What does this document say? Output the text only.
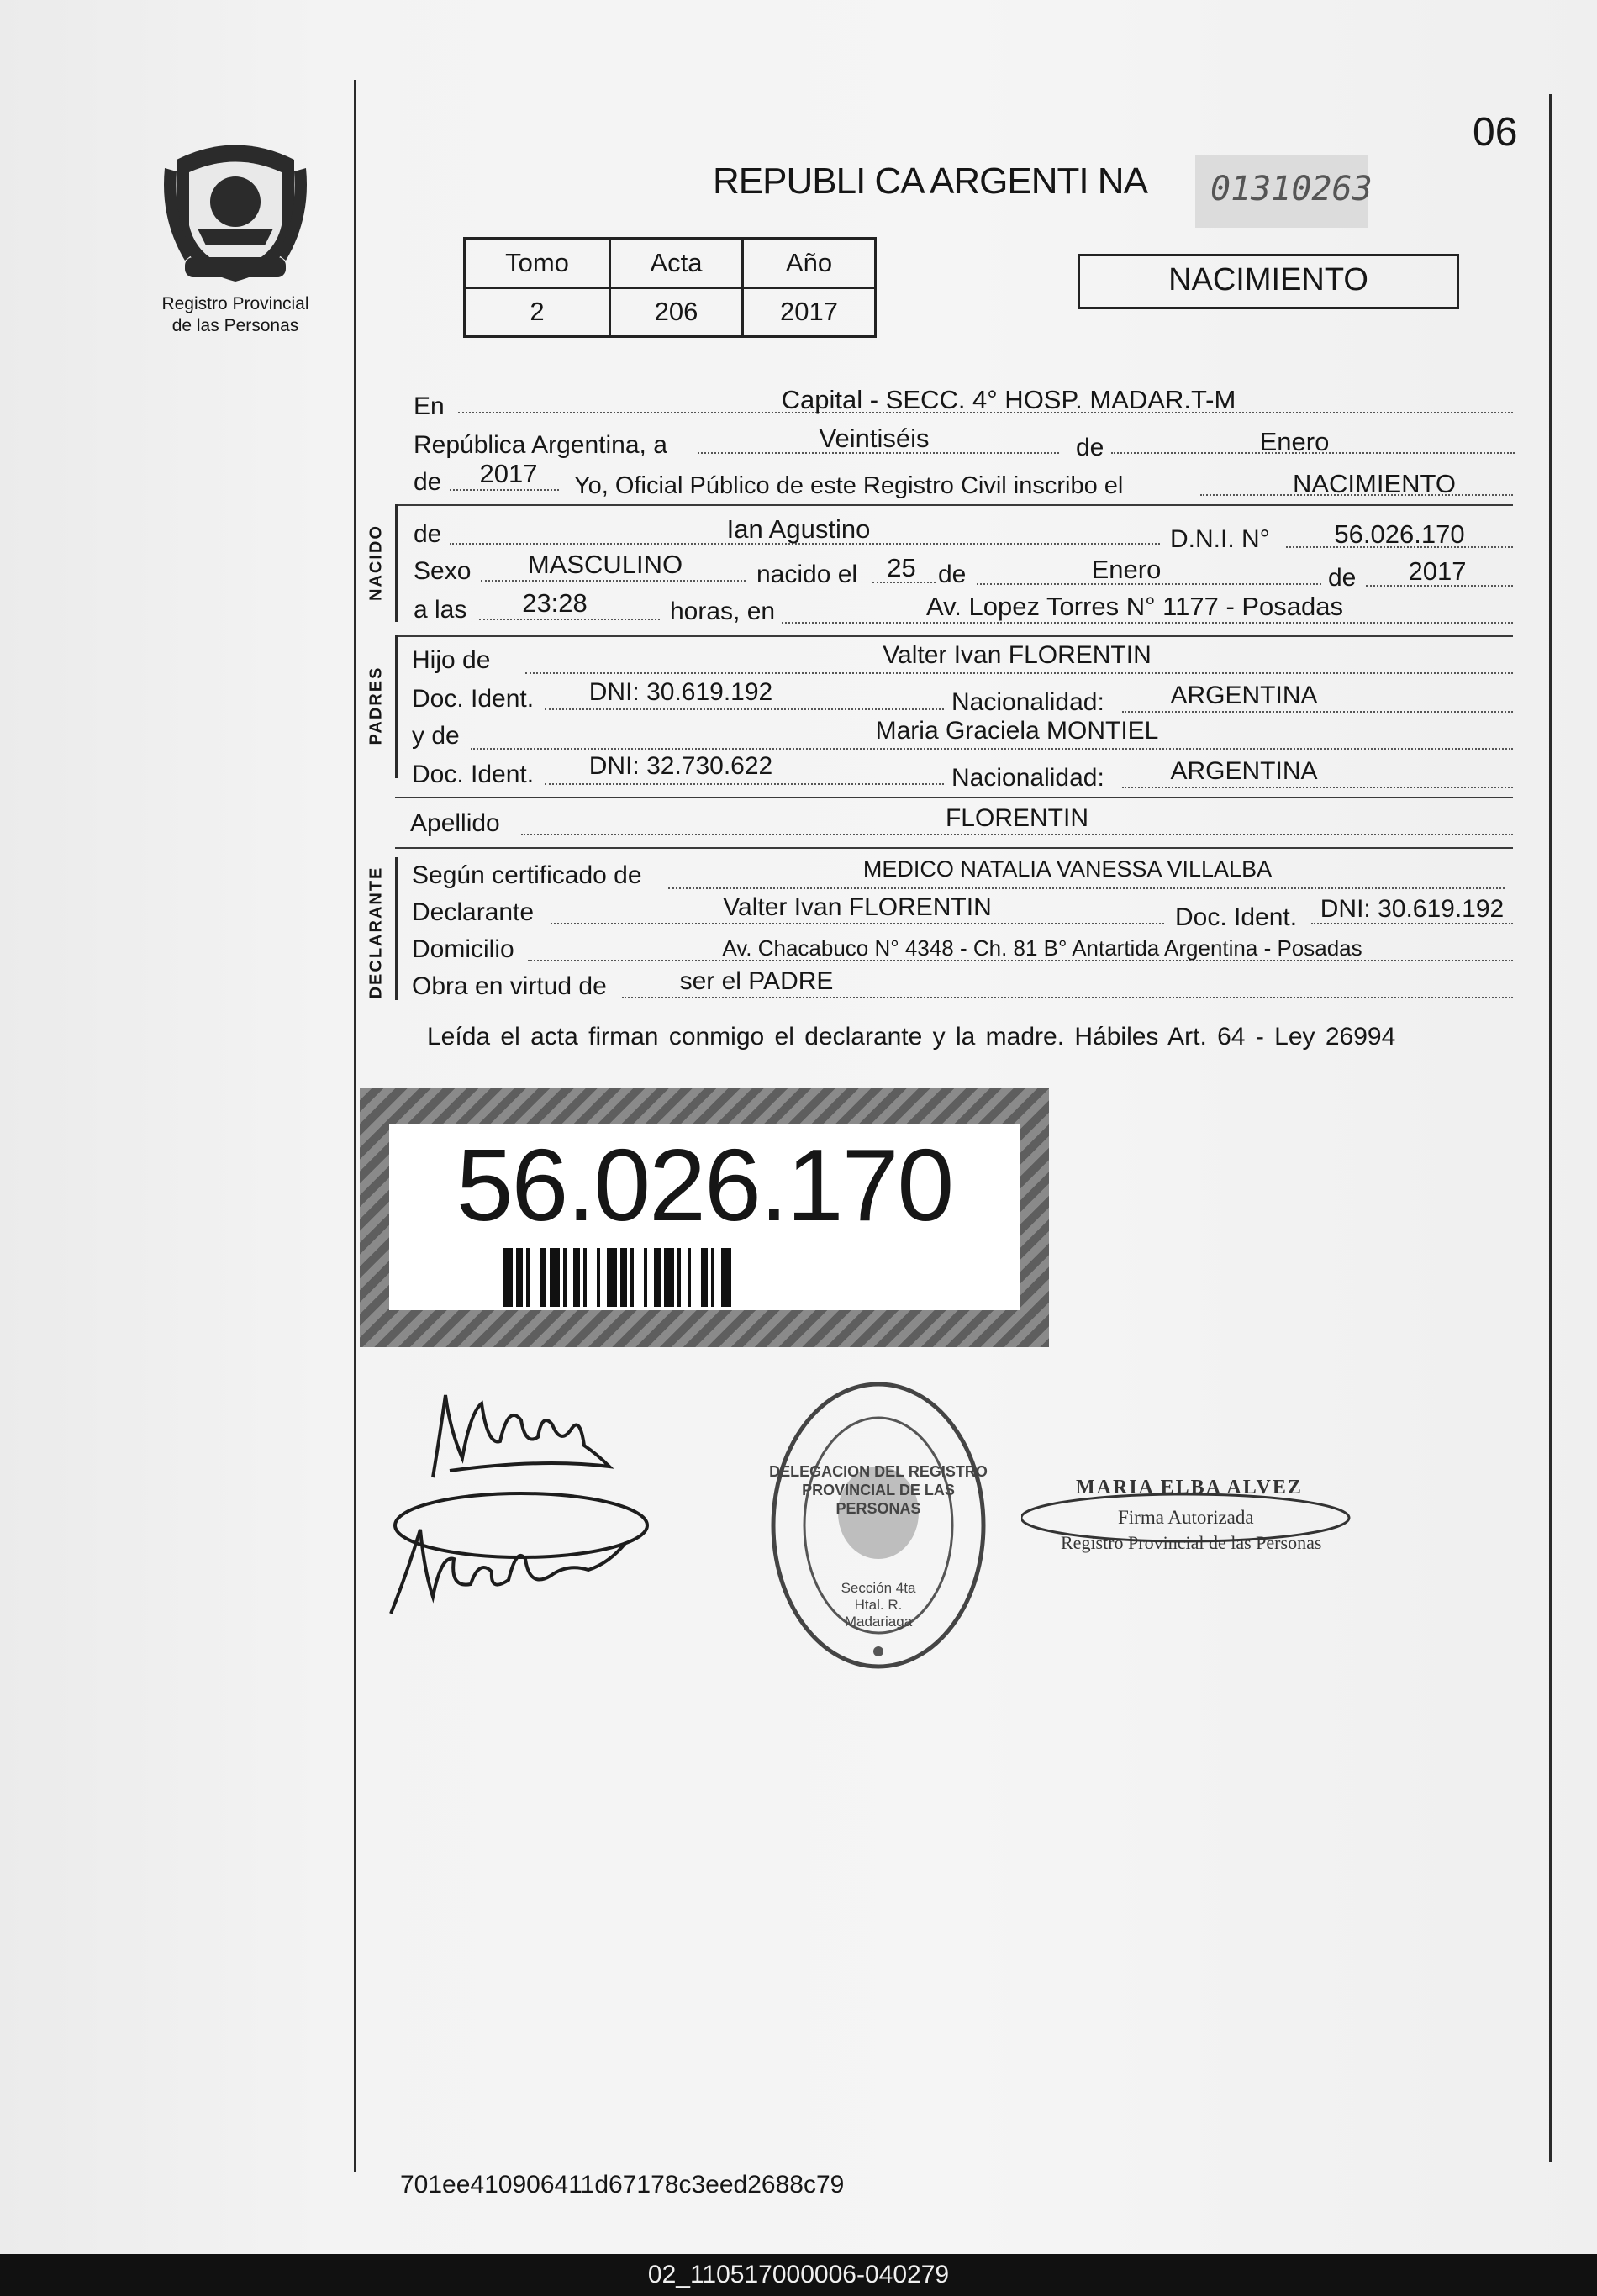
06
Registro Provincial
de las Personas
REPUBLI CA ARGENTI NA 01310263
Tomo	Acta	Año
2	206	2017
NACIMIENTO
En	Capital - SECC. 4° HOSP. MADAR.T-M
República Argentina, a	Veintiséis	de	Enero
de	2017	Yo, Oficial Público de este Registro Civil inscribo el	NACIMIENTO
NACIDO de	Ian Agustino	D.N.I. N°	56.026.170
Sexo	MASCULINO	nacido el	25 de	Enero	de	2017
a las	23:28	horas, en	Av. Lopez Torres N° 1177 - Posadas
PADRES
Hijo de	Valter Ivan FLORENTIN
Doc. Ident.	DNI: 30.619.192	Nacionalidad:	ARGENTINA
y de	Maria Graciela MONTIEL
Doc. Ident.	DNI: 32.730.622	Nacionalidad:	ARGENTINA
Apellido	FLORENTIN
DECLARANTE Según certificado de	MEDICO NATALIA VANESSA VILLALBA
Declarante	Valter Ivan FLORENTIN	Doc. Ident. DNI: 30.619.192
Domicilio	Av. Chacabuco N° 4348 - Ch. 81 B° Antartida Argentina - Posadas
Obra en virtud de	ser el PADRE
Leída el acta firman conmigo el declarante y la madre. Hábiles Art. 64 - Ley 26994
56.026.170
DELEGACION DEL REGISTRO PROVINCIAL DE LAS PERSONAS
Sección 4ta Htal. R. Madariaga
MARIA ELBA ALVEZ
Firma Autorizada
Registro Provincial de las Personas
701ee410906411d67178c3eed2688c79
02_110517000006-040279
